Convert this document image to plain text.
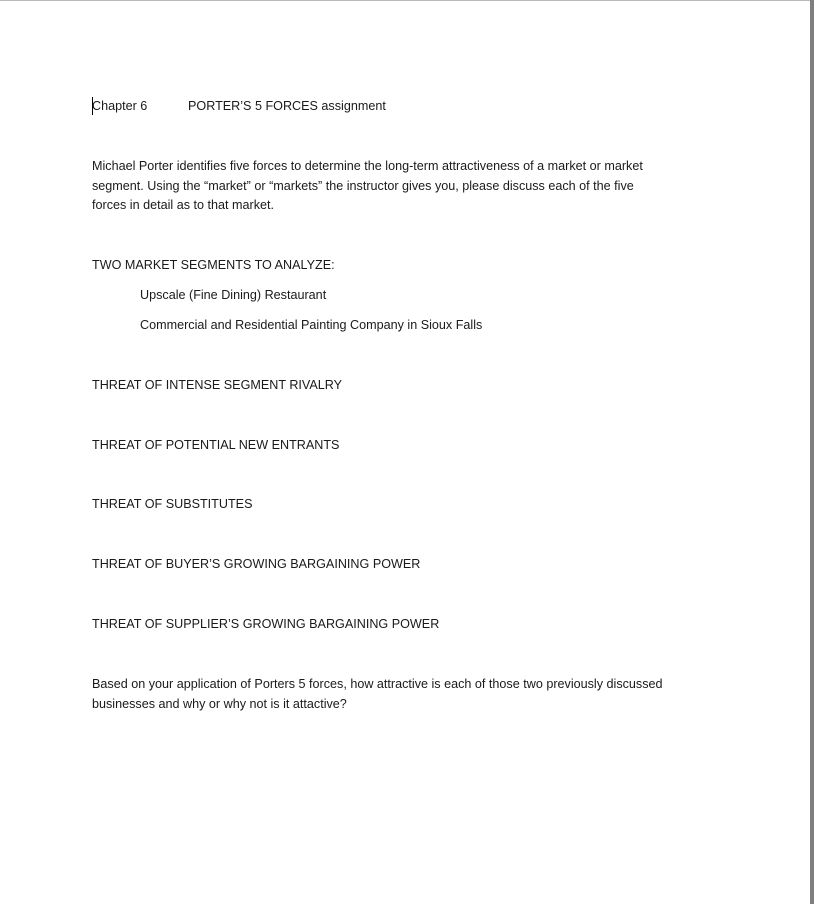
Chapter 6	PORTER’S 5 FORCES assignment
Michael Porter identifies five forces to determine the long-term attractiveness of a market or market
segment. Using the “market” or “markets” the instructor gives you, please discuss each of the five
forces in detail as to that market.
TWO MARKET SEGMENTS TO ANALYZE:
Upscale (Fine Dining) Restaurant
Commercial and Residential Painting Company in Sioux Falls
THREAT OF INTENSE SEGMENT RIVALRY
THREAT OF POTENTIAL NEW ENTRANTS
THREAT OF SUBSTITUTES
THREAT OF BUYER’S GROWING BARGAINING POWER
THREAT OF SUPPLIER’S GROWING BARGAINING POWER
Based on your application of Porters 5 forces, how attractive is each of those two previously discussed
businesses and why or why not is it attactive?
